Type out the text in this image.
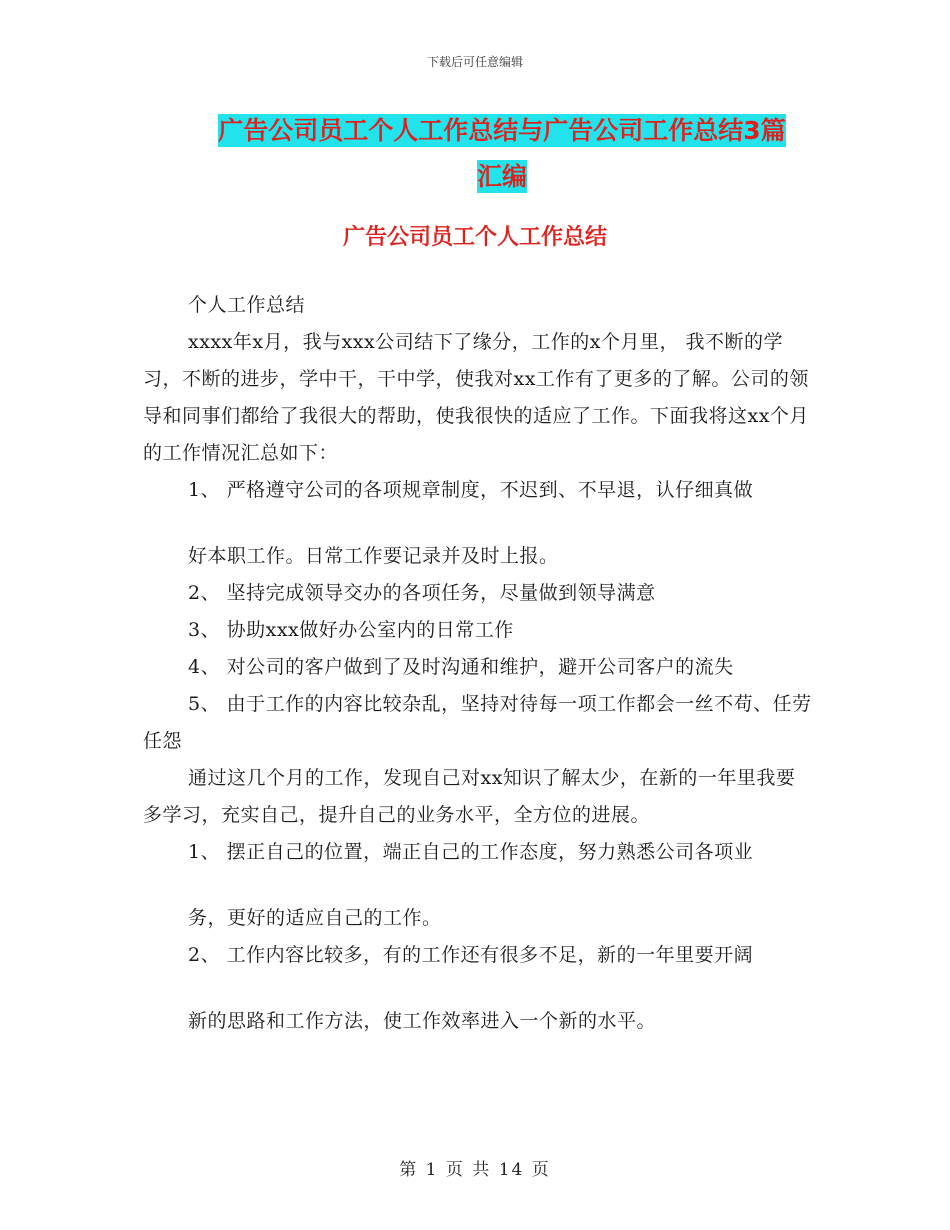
下载后可任意编辑
广告公司员工个人工作总结与广告公司工作总结3篇
汇编
广告公司员工个人工作总结

个人工作总结

xxxx年x月，我与xxx公司结下了缘分，工作的x个月里， 我不断的学习，不断的进步，学中干，干中学，使我对xx工作有了更多的了解。公司的领导和同事们都给了我很大的帮助，使我很快的适应了工作。下面我将这xx个月的工作情况汇总如下：

1、 严格遵守公司的各项规章制度，不迟到、不早退，认仔细真做

好本职工作。日常工作要记录并及时上报。

2、 坚持完成领导交办的各项任务，尽量做到领导满意

3、 协助xxx做好办公室内的日常工作

4、 对公司的客户做到了及时沟通和维护，避开公司客户的流失

5、 由于工作的内容比较杂乱，坚持对待每一项工作都会一丝不苟、任劳任怨

通过这几个月的工作，发现自己对xx知识了解太少，在新的一年里我要多学习，充实自己，提升自己的业务水平，全方位的进展。

1、 摆正自己的位置，端正自己的工作态度，努力熟悉公司各项业

务，更好的适应自己的工作。

2、 工作内容比较多，有的工作还有很多不足，新的一年里要开阔

新的思路和工作方法，使工作效率进入一个新的水平。

第 1 页 共 14 页
